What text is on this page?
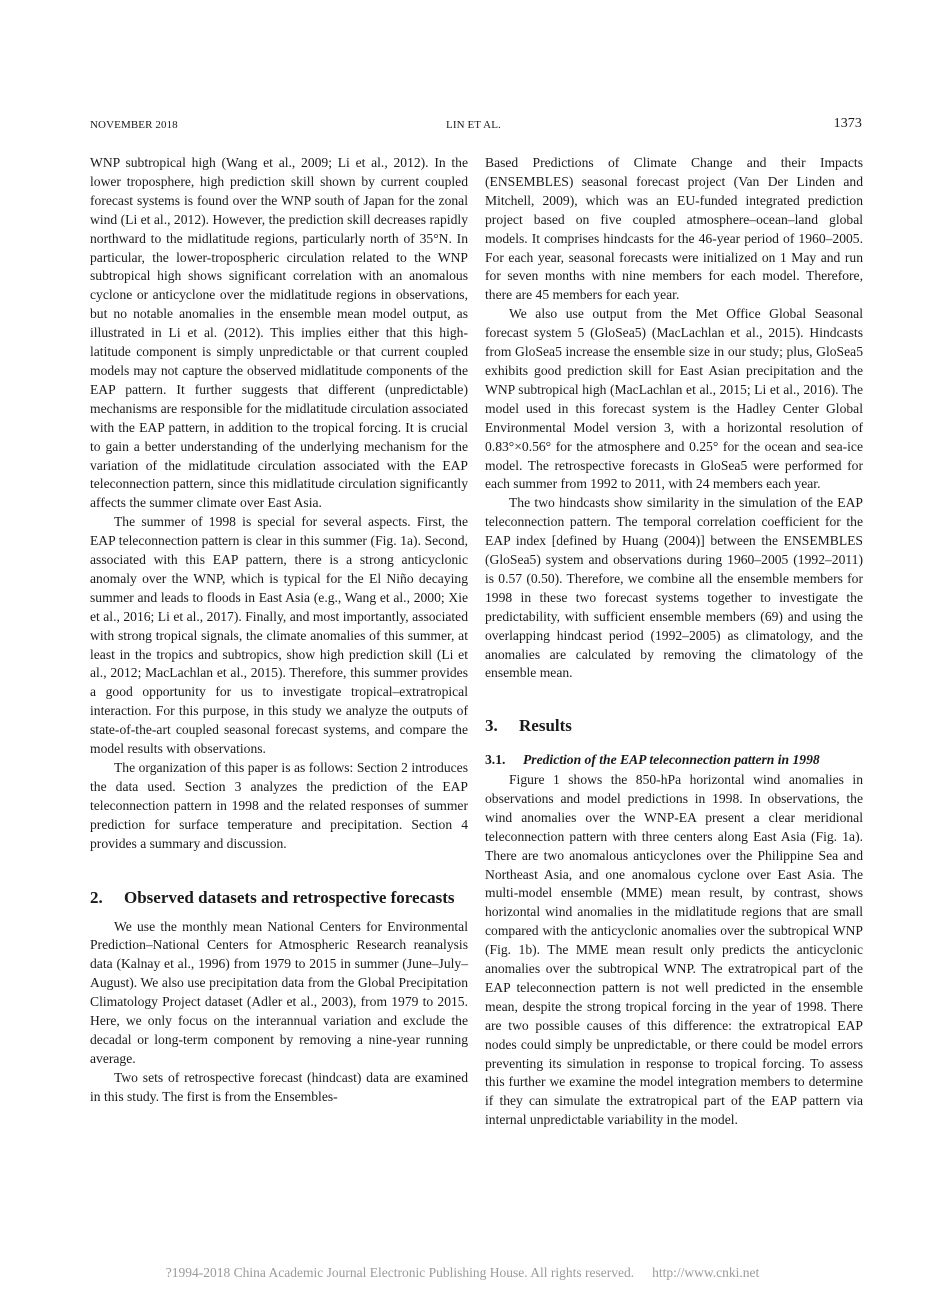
NOVEMBER 2018	LIN ET AL.	1373

WNP subtropical high (Wang et al., 2009; Li et al., 2012). In the lower troposphere, high prediction skill shown by current coupled forecast systems is found over the WNP south of Japan for the zonal wind (Li et al., 2012). However, the prediction skill decreases rapidly northward to the midlatitude regions, particularly north of 35°N. In particular, the lower-tropospheric circulation related to the WNP subtropical high shows significant correlation with an anomalous cyclone or anticyclone over the midlatitude regions in observations, but no notable anomalies in the ensemble mean model output, as illustrated in Li et al. (2012). This implies either that this high-latitude component is simply unpredictable or that current coupled models may not capture the observed midlatitude components of the EAP pattern. It further suggests that different (unpredictable) mechanisms are responsible for the midlatitude circulation associated with the EAP pattern, in addition to the tropical forcing. It is crucial to gain a better understanding of the underlying mechanism for the variation of the midlatitude circulation associated with the EAP teleconnection pattern, since this midlatitude circulation significantly affects the summer climate over East Asia.

The summer of 1998 is special for several aspects. First, the EAP teleconnection pattern is clear in this summer (Fig. 1a). Second, associated with this EAP pattern, there is a strong anticyclonic anomaly over the WNP, which is typical for the El Niño decaying summer and leads to floods in East Asia (e.g., Wang et al., 2000; Xie et al., 2016; Li et al., 2017). Finally, and most importantly, associated with strong tropical signals, the climate anomalies of this summer, at least in the tropics and subtropics, show high prediction skill (Li et al., 2012; MacLachlan et al., 2015). Therefore, this summer provides a good opportunity for us to investigate tropical–extratropical interaction. For this purpose, in this study we analyze the outputs of state-of-the-art coupled seasonal forecast systems, and compare the model results with observations.

The organization of this paper is as follows: Section 2 introduces the data used. Section 3 analyzes the prediction of the EAP teleconnection pattern in 1998 and the related responses of summer prediction for surface temperature and precipitation. Section 4 provides a summary and discussion.

2.	Observed datasets and retrospective forecasts

We use the monthly mean National Centers for Environmental Prediction–National Centers for Atmospheric Research reanalysis data (Kalnay et al., 1996) from 1979 to 2015 in summer (June–July–August). We also use precipitation data from the Global Precipitation Climatology Project dataset (Adler et al., 2003), from 1979 to 2015. Here, we only focus on the interannual variation and exclude the decadal or long-term component by removing a nine-year running average.

Two sets of retrospective forecast (hindcast) data are examined in this study. The first is from the Ensembles-

Based Predictions of Climate Change and their Impacts (ENSEMBLES) seasonal forecast project (Van Der Linden and Mitchell, 2009), which was an EU-funded integrated prediction project based on five coupled atmosphere–ocean–land global models. It comprises hindcasts for the 46-year period of 1960–2005. For each year, seasonal forecasts were initialized on 1 May and run for seven months with nine members for each model. Therefore, there are 45 members for each year.

We also use output from the Met Office Global Seasonal forecast system 5 (GloSea5) (MacLachlan et al., 2015). Hindcasts from GloSea5 increase the ensemble size in our study; plus, GloSea5 exhibits good prediction skill for East Asian precipitation and the WNP subtropical high (MacLachlan et al., 2015; Li et al., 2016). The model used in this forecast system is the Hadley Center Global Environmental Model version 3, with a horizontal resolution of 0.83°×0.56° for the atmosphere and 0.25° for the ocean and sea-ice model. The retrospective forecasts in GloSea5 were performed for each summer from 1992 to 2011, with 24 members each year.

The two hindcasts show similarity in the simulation of the EAP teleconnection pattern. The temporal correlation coefficient for the EAP index [defined by Huang (2004)] between the ENSEMBLES (GloSea5) system and observations during 1960–2005 (1992–2011) is 0.57 (0.50). Therefore, we combine all the ensemble members for 1998 in these two forecast systems together to investigate the predictability, with sufficient ensemble members (69) and using the overlapping hindcast period (1992–2005) as climatology, and the anomalies are calculated by removing the climatology of the ensemble mean.

3.	Results
3.1.	Prediction of the EAP teleconnection pattern in 1998

Figure 1 shows the 850-hPa horizontal wind anomalies in observations and model predictions in 1998. In observations, the wind anomalies over the WNP-EA present a clear meridional teleconnection pattern with three centers along East Asia (Fig. 1a). There are two anomalous anticyclones over the Philippine Sea and Northeast Asia, and one anomalous cyclone over East Asia. The multi-model ensemble (MME) mean result, by contrast, shows horizontal wind anomalies in the midlatitude regions that are small compared with the anticyclonic anomalies over the subtropical WNP (Fig. 1b). The MME mean result only predicts the anticyclonic anomalies over the subtropical WNP. The extratropical part of the EAP teleconnection pattern is not well predicted in the ensemble mean, despite the strong tropical forcing in the year of 1998. There are two possible causes of this difference: the extratropical EAP nodes could simply be unpredictable, or there could be model errors preventing its simulation in response to tropical forcing. To assess this further we examine the model integration members to determine if they can simulate the extratropical part of the EAP pattern via internal unpredictable variability in the model.

?1994-2018 China Academic Journal Electronic Publishing House. All rights reserved. http://www.cnki.net
